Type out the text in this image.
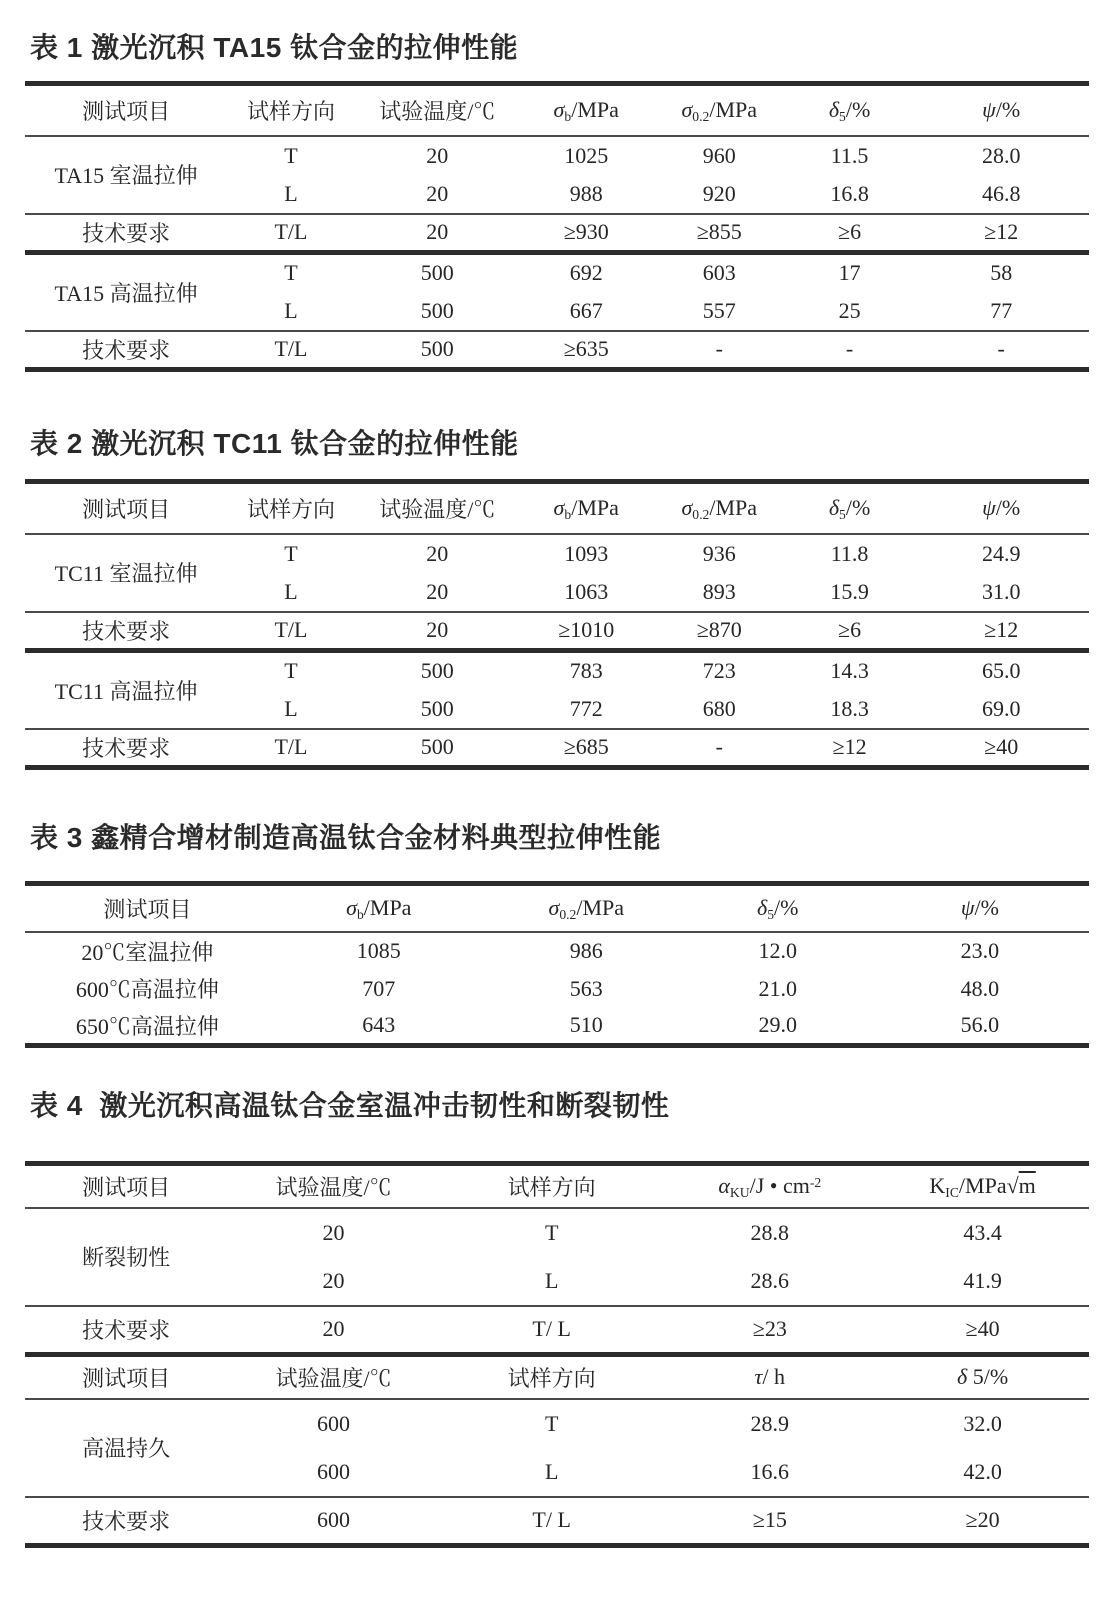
表 1 激光沉积 TA15 钛合金的拉伸性能
测试项目	试样方向	试验温度/℃	$\sigma_b$/MPa	$\sigma_{0.2}$/MPa	$\delta_5/\%$	ψ/%
TA15 室温拉伸	T	20	1025	960	11.5	28.0
	L	20	988	920	16.8	46.8
技术要求	T/L	20	≥930	≥855	≥6	≥12
TA15 高温拉伸	T	500	692	603	17	58
	L	500	667	557	25	77
技术要求	T/L	500	≥635	-	-	-
表 2 激光沉积 TC11 钛合金的拉伸性能
测试项目	试样方向	试验温度/℃	$\sigma_b$/MPa	$\sigma_{0.2}$/MPa	$\delta_5/\%$	ψ/%
TC11 室温拉伸	T	20	1093	936	11.8	24.9
	L	20	1063	893	15.9	31.0
技术要求	T/L	20	≥1010	≥870	≥6	≥12
TC11 高温拉伸	T	500	783	723	14.3	65.0
	L	500	772	680	18.3	69.0
技术要求	T/L	500	≥685	-	≥12	≥40
表 3 鑫精合增材制造高温钛合金材料典型拉伸性能
测试项目	$\sigma_b$/MPa	$\sigma_{0.2}$/MPa	$\delta_5/\%$	ψ/%
20℃室温拉伸	1085	986	12.0	23.0
600℃高温拉伸	707	563	21.0	48.0
650℃高温拉伸	643	510	29.0	56.0
表 4  激光沉积高温钛合金室温冲击韧性和断裂韧性
测试项目	试验温度/℃	试样方向	$\alpha_{KU}/J$ • $cm^{-2}$	$K_{IC}/MPa√m$
断裂韧性	20	T	28.8	43.4
	20	L	28.6	41.9
技术要求	20	T/ L	≥23	≥40
测试项目	试验温度/℃	试样方向	τ/ h	δ 5/%
高温持久	600	T	28.9	32.0
	600	L	16.6	42.0
技术要求	600	T/ L	≥15	≥20
